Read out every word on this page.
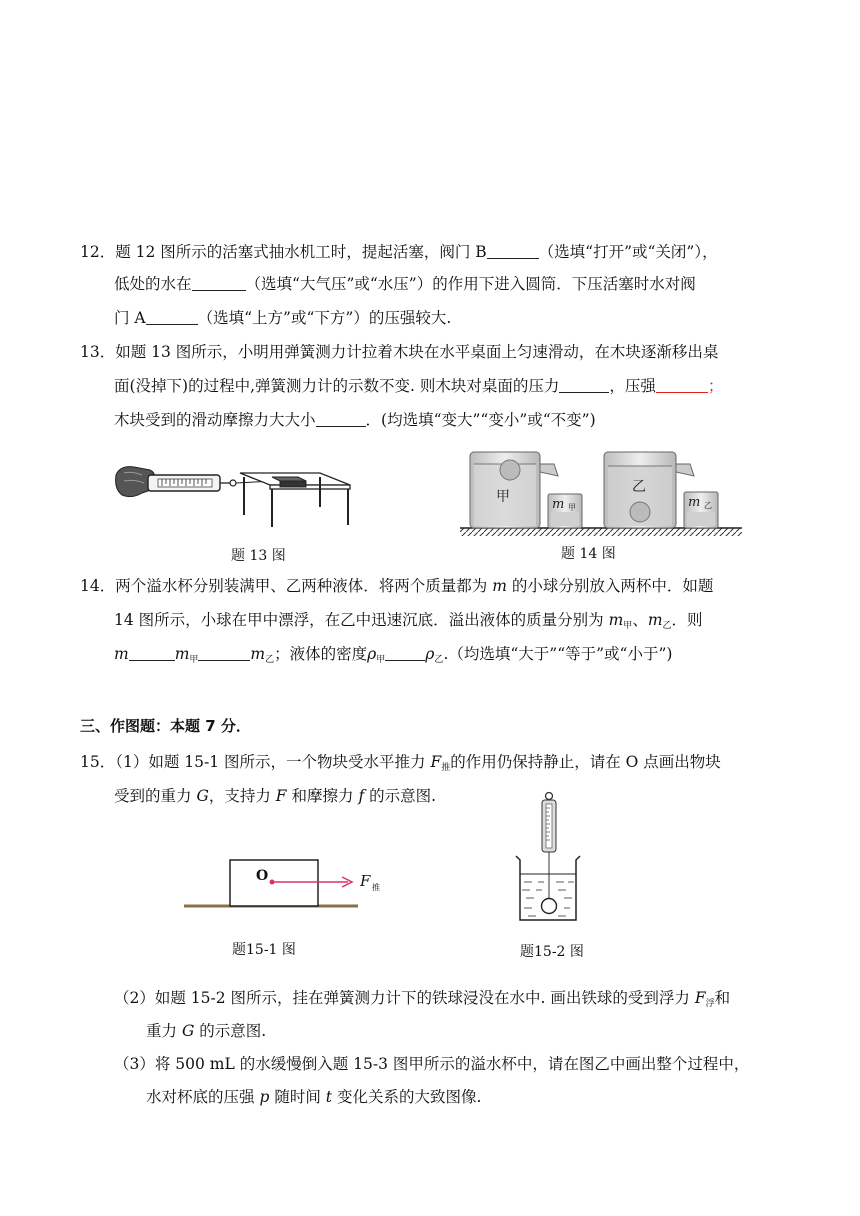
12．题 12 图所示的活塞式抽水机工时，提起活塞，阀门 B	（选填“打开”或“关闭”），
低处的水在	（选填“大气压”或“水压”）的作用下进入圆筒．下压活塞时水对阀
门 A	（选填“上方”或“下方”）的压强较大.
13．如题 13 图所示，小明用弹簧测力计拉着木块在水平桌面上匀速滑动，在木块逐渐移出桌
面(没掉下)的过程中,弹簧测力计的示数不变. 则木块对桌面的压力	，压强	；
木块受到的滑动摩擦力大大小	．(均选填“变大”“变小”或“不变”)
题 13 图
甲	m 甲
乙
m 乙
题 14 图
14．两个溢水杯分别装满甲、乙两种液体．将两个质量都为 m 的小球分别放入两杯中．如题
14 图所示，小球在甲中漂浮，在乙中迅速沉底．溢出液体的质量分别为 $m_甲$、$m_乙$．则
m	$m_甲$	$m_乙$；液体的密度$\rho_甲$	$\rho_乙$.（均选填“大于”“等于”或“小于”)
三、作图题：本题 7 分．
15．（1）如题 15-1 图所示，一个物块受水平推力 $F_推$的作用仍保持静止，请在 O 点画出物块
受到的重力 G，支持力 F 和摩擦力 f 的示意图.
O	F 推
题15-1 图	题15-2 图
（2）如题 15-2 图所示，挂在弹簧测力计下的铁球浸没在水中. 画出铁球的受到浮力 $F_浮$和
重力 G 的示意图.
（3）将 500 mL 的水缓慢倒入题 15-3 图甲所示的溢水杯中，请在图乙中画出整个过程中，
水对杯底的压强 p 随时间 t 变化关系的大致图像.
